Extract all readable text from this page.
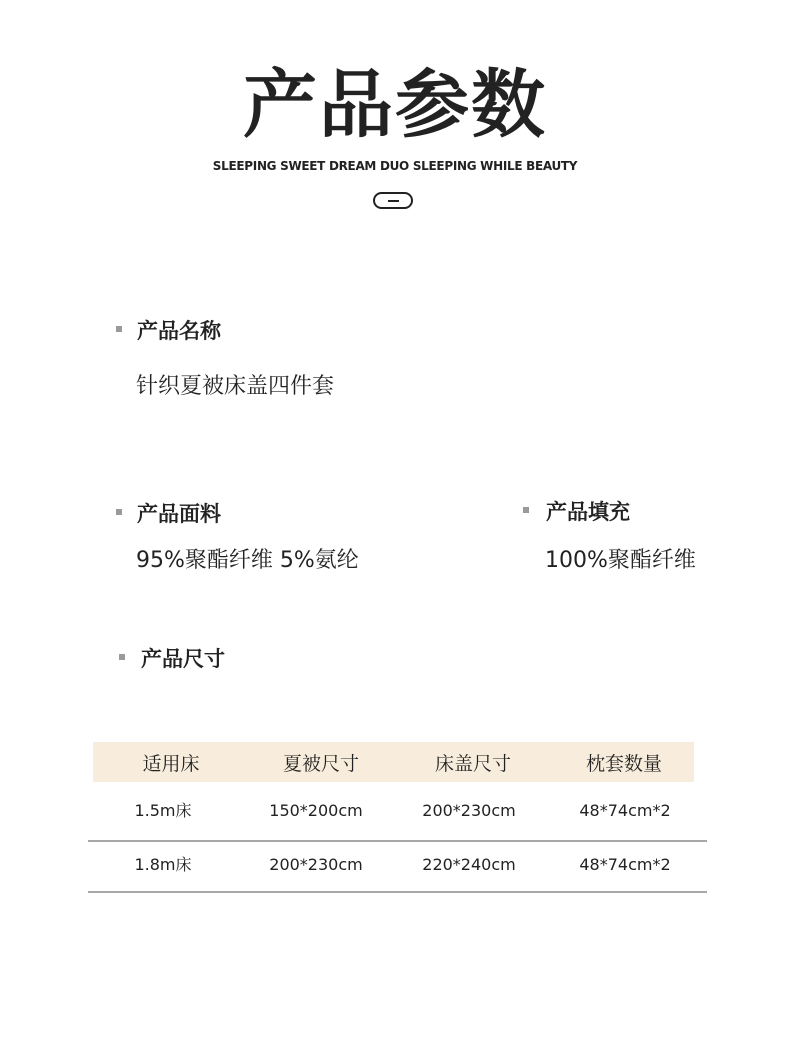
产品参数
SLEEPING SWEET DREAM DUO SLEEPING WHILE BEAUTY
产品名称
针织夏被床盖四件套
产品面料
95%聚酯纤维 5%氨纶
产品填充
100%聚酯纤维
产品尺寸
适用床	夏被尺寸	床盖尺寸	枕套数量
1.5m床	150*200cm	200*230cm	48*74cm*2
1.8m床	200*230cm	220*240cm	48*74cm*2
